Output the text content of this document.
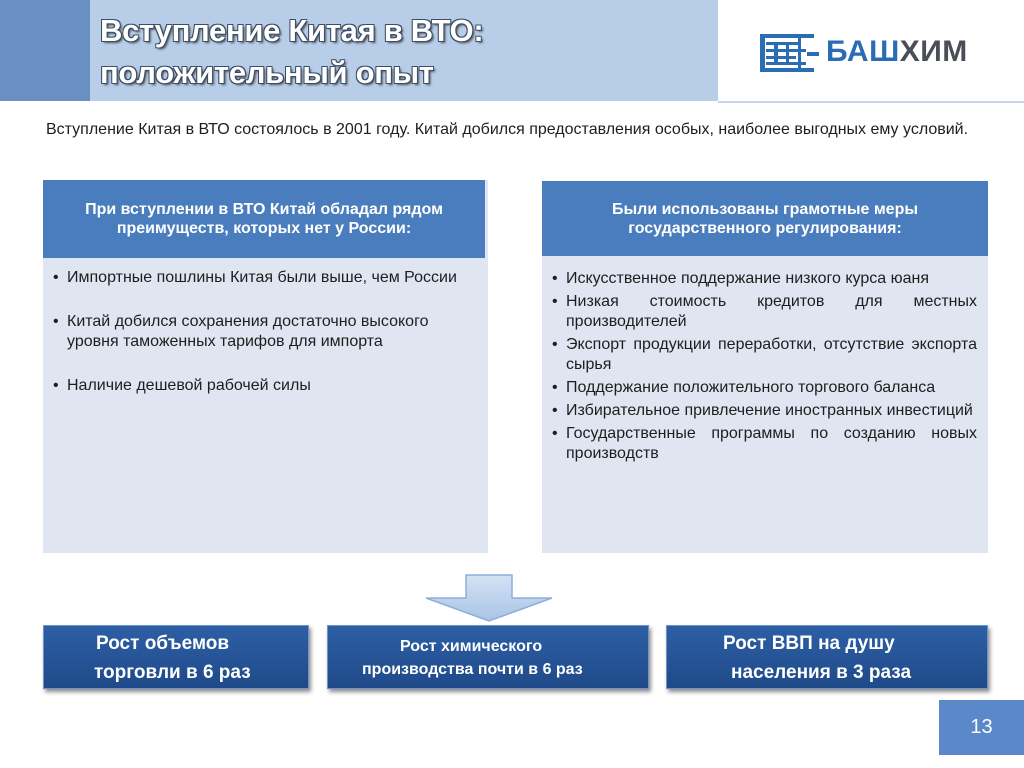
Вступление Китая в ВТО:
положительный опыт
БАШХИМ
Вступление Китая в ВТО состоялось в 2001 году. Китай добился предоставления особых, наиболее выгодных ему условий.
При вступлении в ВТО Китай обладал рядом преимуществ, которых нет у России:
• Импортные пошлины Китая были выше, чем России
• Китай добился сохранения достаточно высокого уровня таможенных тарифов для импорта
• Наличие дешевой рабочей силы
Были использованы грамотные меры государственного регулирования:
• Искусственное поддержание низкого курса юаня
• Низкая стоимость кредитов для местных производителей
• Экспорт продукции переработки, отсутствие экспорта сырья
• Поддержание положительного торгового баланса
• Избирательное привлечение иностранных инвестиций
• Государственные программы по созданию новых производств
Рост объемов
торговли в 6 раз
Рост химического
производства почти в 6 раз
Рост ВВП на душу
населения в 3 раза
13
